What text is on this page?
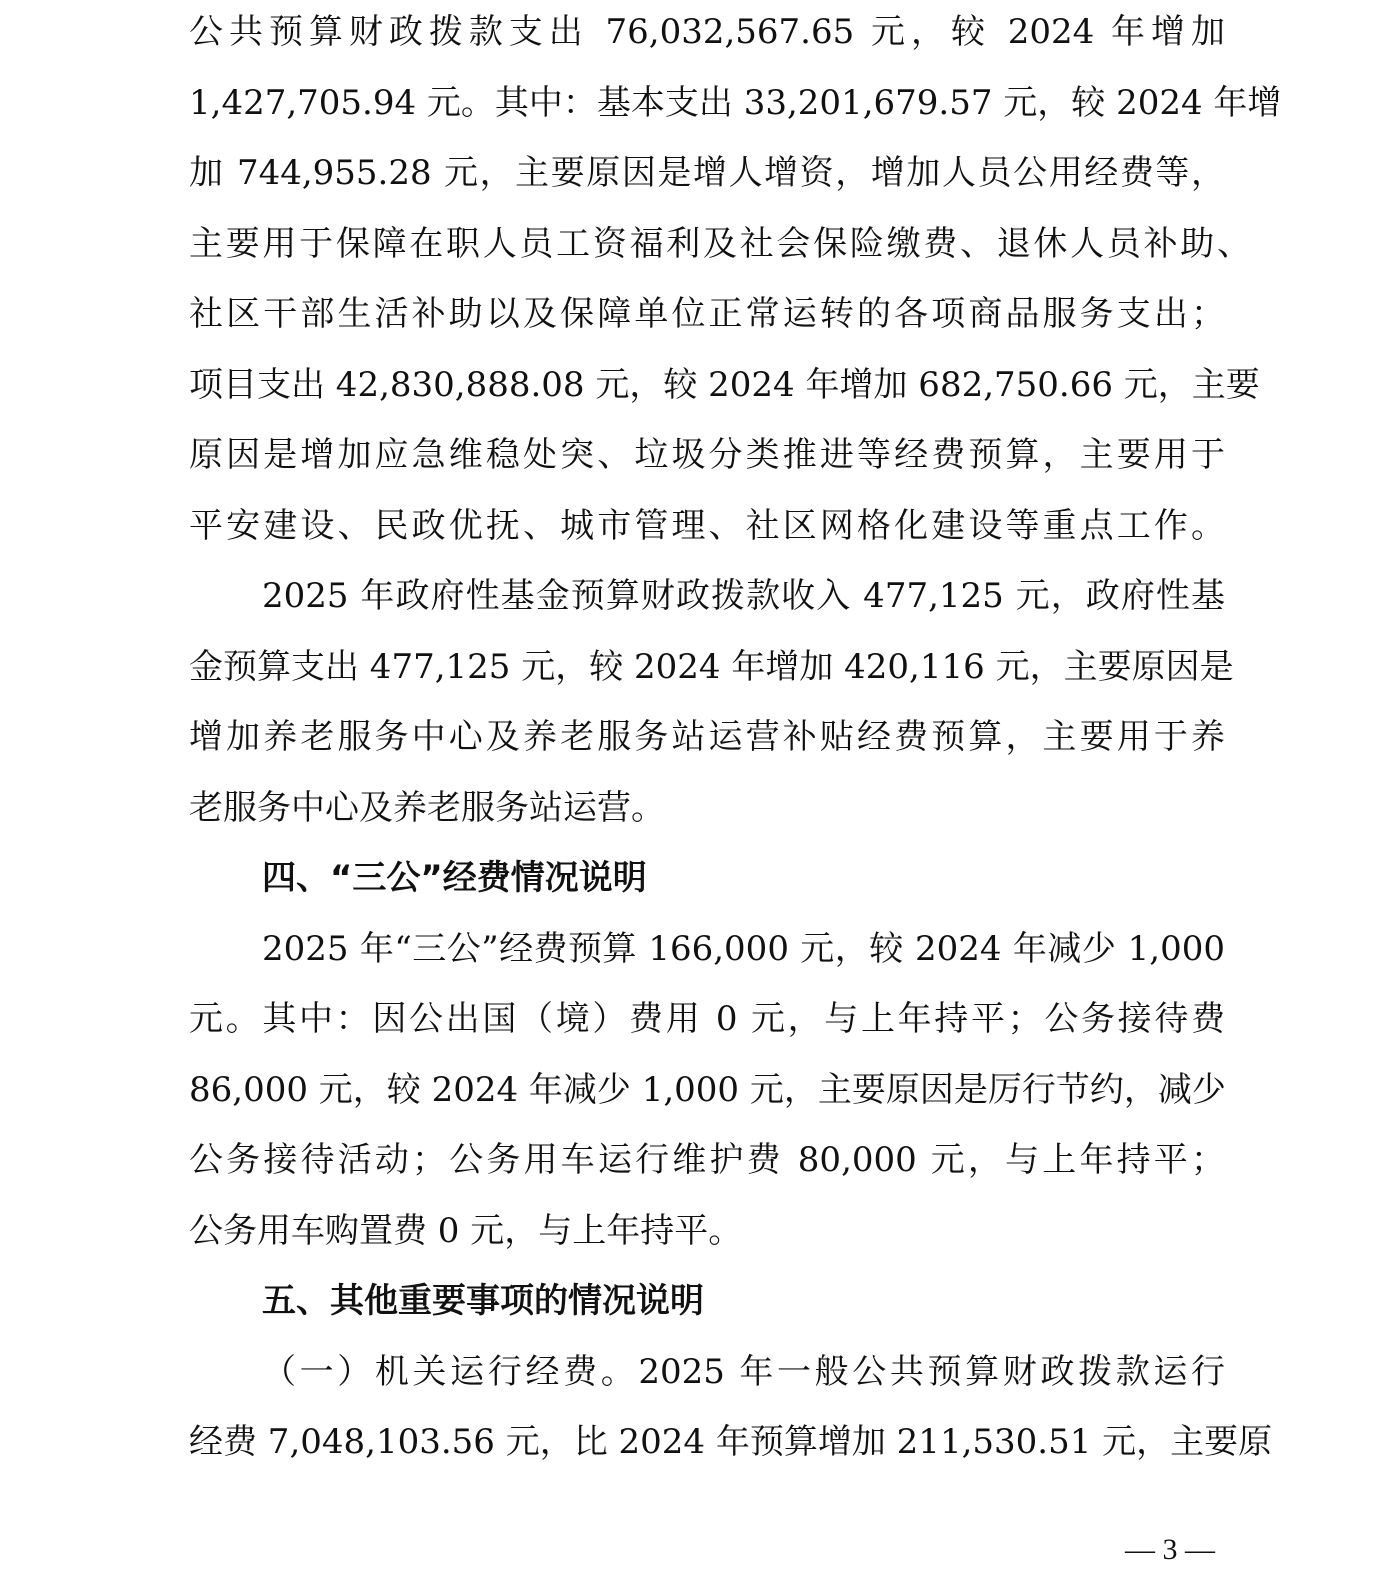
公共预算财政拨款支出 76,032,567.65 元，较 2024 年增加
1,427,705.94 元。其中：基本支出 33,201,679.57 元，较 2024 年增
加 744,955.28 元，主要原因是增人增资，增加人员公用经费等，
主要用于保障在职人员工资福利及社会保险缴费、退休人员补助、
社区干部生活补助以及保障单位正常运转的各项商品服务支出；
项目支出 42,830,888.08 元，较 2024 年增加 682,750.66 元，主要
原因是增加应急维稳处突、垃圾分类推进等经费预算，主要用于
平安建设、民政优抚、城市管理、社区网格化建设等重点工作。
2025 年政府性基金预算财政拨款收入 477,125 元，政府性基
金预算支出 477,125 元，较 2024 年增加 420,116 元，主要原因是
增加养老服务中心及养老服务站运营补贴经费预算，主要用于养
老服务中心及养老服务站运营。
四、“三公”经费情况说明
2025 年“三公”经费预算 166,000 元，较 2024 年减少 1,000
元。其中：因公出国（境）费用 0 元，与上年持平；公务接待费
86,000 元，较 2024 年减少 1,000 元，主要原因是厉行节约，减少
公务接待活动；公务用车运行维护费 80,000 元，与上年持平；
公务用车购置费 0 元，与上年持平。
五、其他重要事项的情况说明
（一）机关运行经费。2025 年一般公共预算财政拨款运行
经费 7,048,103.56 元，比 2024 年预算增加 211,530.51 元，主要原
— 3 —
